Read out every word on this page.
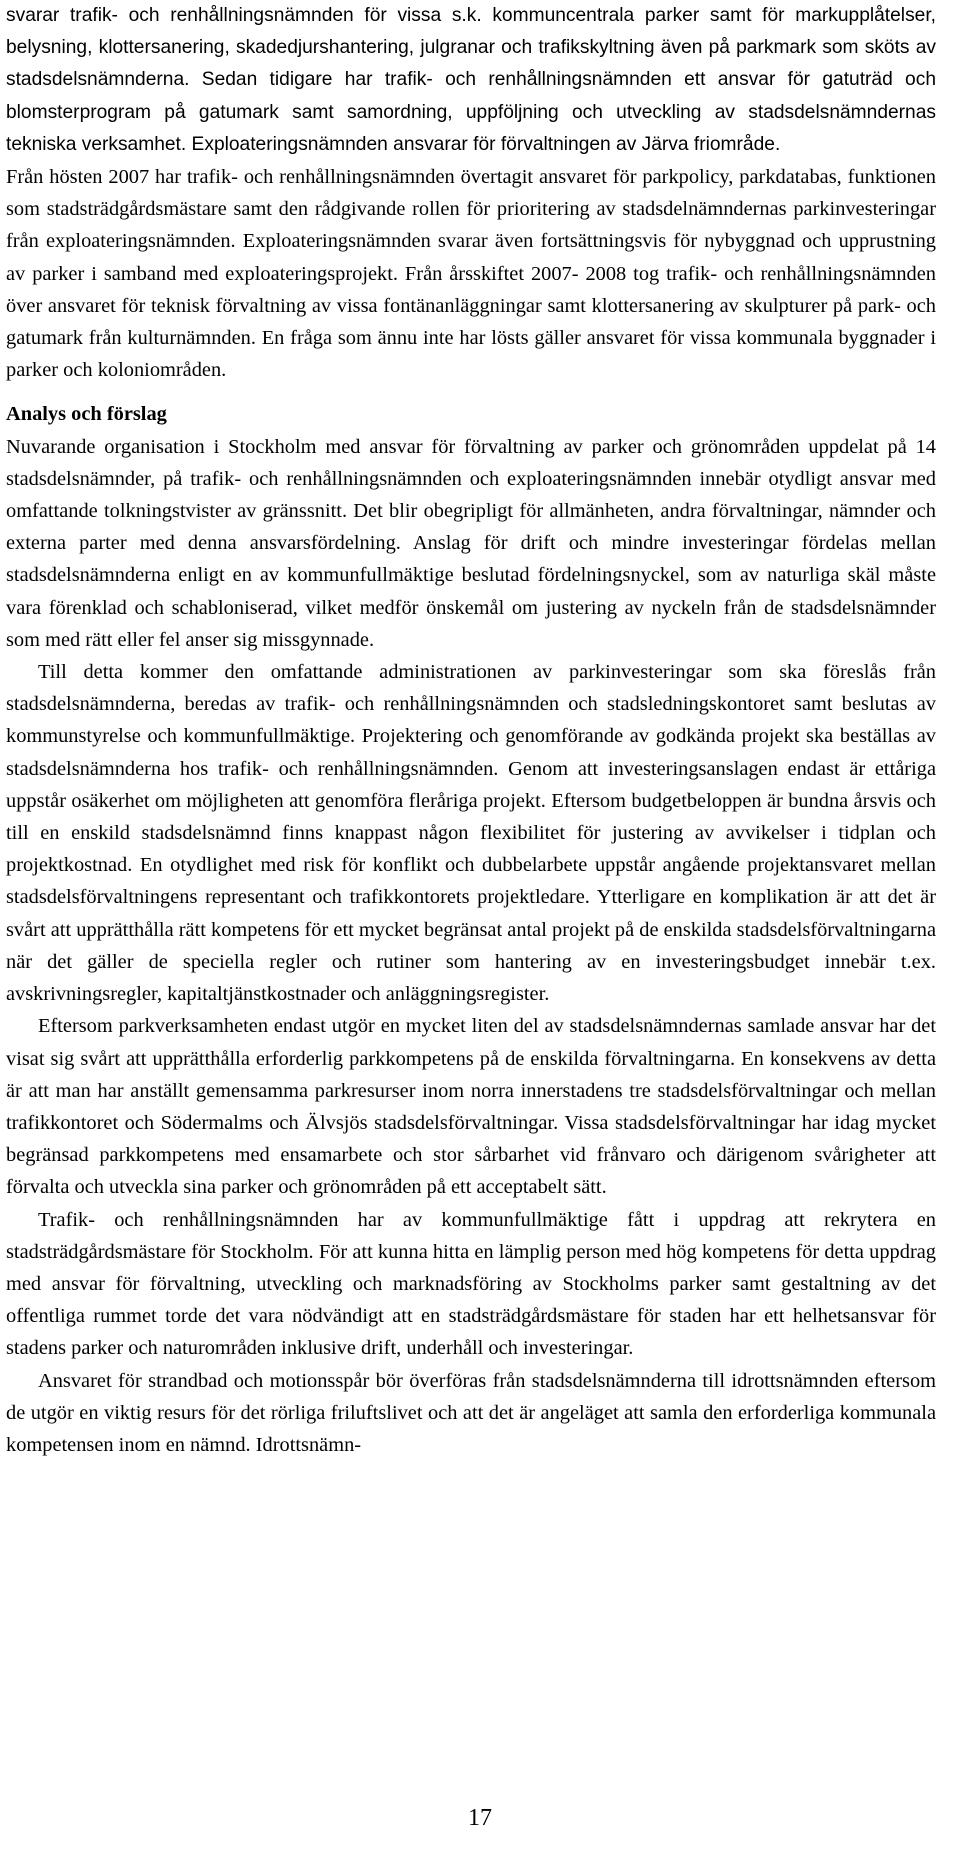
svarar trafik- och renhållningsnämnden för vissa s.k. kommuncentrala parker samt för markupplåtelser, belysning, klottersanering, skadedjurshantering, julgranar och trafikskyltning även på parkmark som sköts av stadsdelsnämnderna. Sedan tidigare har trafik- och renhållningsnämnden ett ansvar för gatuträd och blomsterprogram på gatumark samt samordning, uppföljning och utveckling av stadsdelsnämndernas tekniska verksamhet. Exploateringsnämnden ansvarar för förvaltningen av Järva friområde.

Från hösten 2007 har trafik- och renhållningsnämnden övertagit ansvaret för parkpolicy, parkdatabas, funktionen som stadsträdgårdsmästare samt den rådgivande rollen för prioritering av stadsdelnämndernas parkinvesteringar från exploateringsnämnden. Exploateringsnämnden svarar även fortsättningsvis för nybyggnad och upprustning av parker i samband med exploateringsprojekt. Från årsskiftet 2007- 2008 tog trafik- och renhållningsnämnden över ansvaret för teknisk förvaltning av vissa fontänanläggningar samt klottersanering av skulpturer på park- och gatumark från kulturnämnden. En fråga som ännu inte har lösts gäller ansvaret för vissa kommunala byggnader i parker och koloniområden.

Analys och förslag

Nuvarande organisation i Stockholm med ansvar för förvaltning av parker och grönområden uppdelat på 14 stadsdelsnämnder, på trafik- och renhållningsnämnden och exploateringsnämnden innebär otydligt ansvar med omfattande tolkningstvister av gränssnitt. Det blir obegripligt för allmänheten, andra förvaltningar, nämnder och externa parter med denna ansvarsfördelning. Anslag för drift och mindre investeringar fördelas mellan stadsdelsnämnderna enligt en av kommunfullmäktige beslutad fördelningsnyckel, som av naturliga skäl måste vara förenklad och schabloniserad, vilket medför önskemål om justering av nyckeln från de stadsdelsnämnder som med rätt eller fel anser sig missgynnade.

Till detta kommer den omfattande administrationen av parkinvesteringar som ska föreslås från stadsdelsnämnderna, beredas av trafik- och renhållningsnämnden och stadsledningskontoret samt beslutas av kommunstyrelse och kommunfullmäktige. Projektering och genomförande av godkända projekt ska beställas av stadsdelsnämnderna hos trafik- och renhållningsnämnden. Genom att investeringsanslagen endast är ettåriga uppstår osäkerhet om möjligheten att genomföra fleråriga projekt. Eftersom budgetbeloppen är bundna årsvis och till en enskild stadsdelsnämnd finns knappast någon flexibilitet för justering av avvikelser i tidplan och projektkostnad. En otydlighet med risk för konflikt och dubbelarbete uppstår angående projektansvaret mellan stadsdelsförvaltningens representant och trafikkontorets projektledare. Ytterligare en komplikation är att det är svårt att upprätthålla rätt kompetens för ett mycket begränsat antal projekt på de enskilda stadsdelsförvaltningarna när det gäller de speciella regler och rutiner som hantering av en investeringsbudget innebär t.ex. avskrivningsregler, kapitaltjänstkostnader och anläggningsregister.

Eftersom parkverksamheten endast utgör en mycket liten del av stadsdelsnämndernas samlade ansvar har det visat sig svårt att upprätthålla erforderlig parkkompetens på de enskilda förvaltningarna. En konsekvens av detta är att man har anställt gemensamma parkresurser inom norra innerstadens tre stadsdelsförvaltningar och mellan trafikkontoret och Södermalms och Älvsjös stadsdelsförvaltningar. Vissa stadsdelsförvaltningar har idag mycket begränsad parkkompetens med ensamarbete och stor sårbarhet vid frånvaro och därigenom svårigheter att förvalta och utveckla sina parker och grönområden på ett acceptabelt sätt.

Trafik- och renhållningsnämnden har av kommunfullmäktige fått i uppdrag att rekrytera en stadsträdgårdsmästare för Stockholm. För att kunna hitta en lämplig person med hög kompetens för detta uppdrag med ansvar för förvaltning, utveckling och marknadsföring av Stockholms parker samt gestaltning av det offentliga rummet torde det vara nödvändigt att en stadsträdgårdsmästare för staden har ett helhetsansvar för stadens parker och naturområden inklusive drift, underhåll och investeringar.

Ansvaret för strandbad och motionsspår bör överföras från stadsdelsnämnderna till idrottsnämnden eftersom de utgör en viktig resurs för det rörliga friluftslivet och att det är angeläget att samla den erforderliga kommunala kompetensen inom en nämnd. Idrottsnämn-

17
